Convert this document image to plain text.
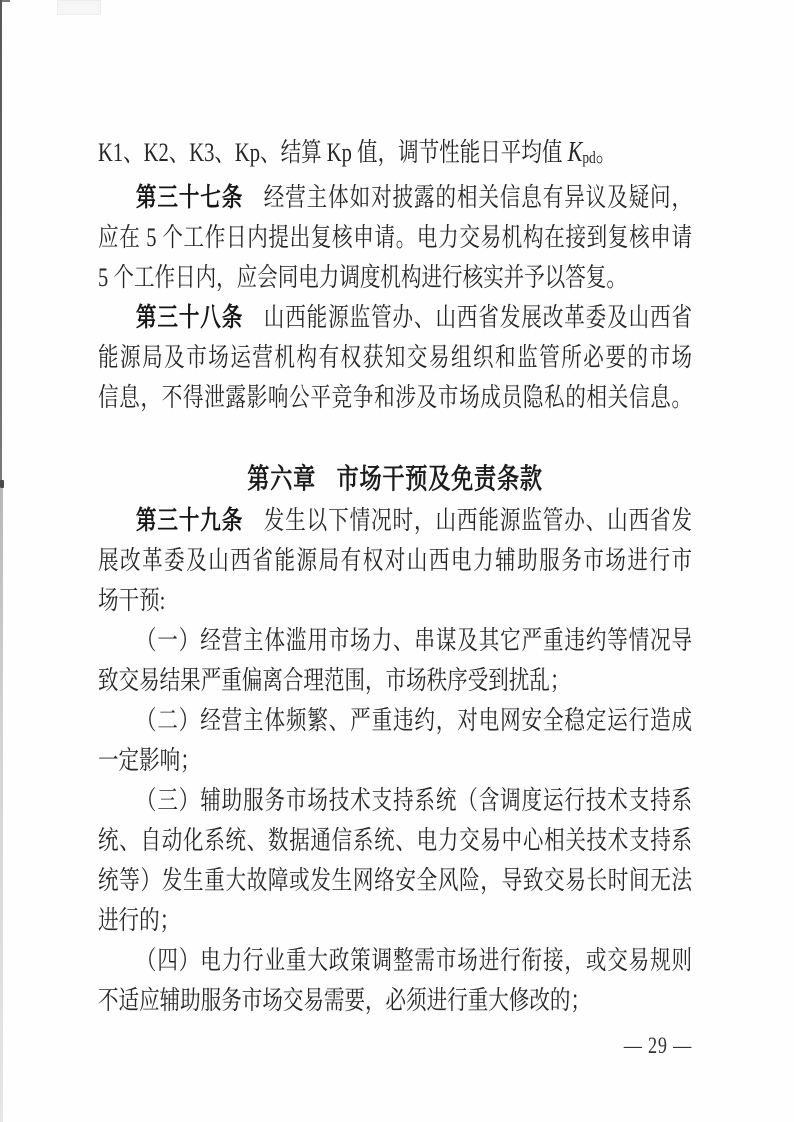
K1、K2、K3、Kp、结算 Kp 值，调节性能日平均值 Kpd。

第三十七条 经营主体如对披露的相关信息有异议及疑问，

应在 5 个工作日内提出复核申请。电力交易机构在接到复核申请

5 个工作日内，应会同电力调度机构进行核实并予以答复。

第三十八条 山西能源监管办、山西省发展改革委及山西省

能源局及市场运营机构有权获知交易组织和监管所必要的市场

信息，不得泄露影响公平竞争和涉及市场成员隐私的相关信息。

第六章 市场干预及免责条款

第三十九条 发生以下情况时，山西能源监管办、山西省发

展改革委及山西省能源局有权对山西电力辅助服务市场进行市

场干预:

（一）经营主体滥用市场力、串谋及其它严重违约等情况导

致交易结果严重偏离合理范围，市场秩序受到扰乱；

（二）经营主体频繁、严重违约，对电网安全稳定运行造成

一定影响；

（三）辅助服务市场技术支持系统（含调度运行技术支持系

统、自动化系统、数据通信系统、电力交易中心相关技术支持系

统等）发生重大故障或发生网络安全风险，导致交易长时间无法

进行的；

（四）电力行业重大政策调整需市场进行衔接，或交易规则

不适应辅助服务市场交易需要，必须进行重大修改的；

— 29 —
